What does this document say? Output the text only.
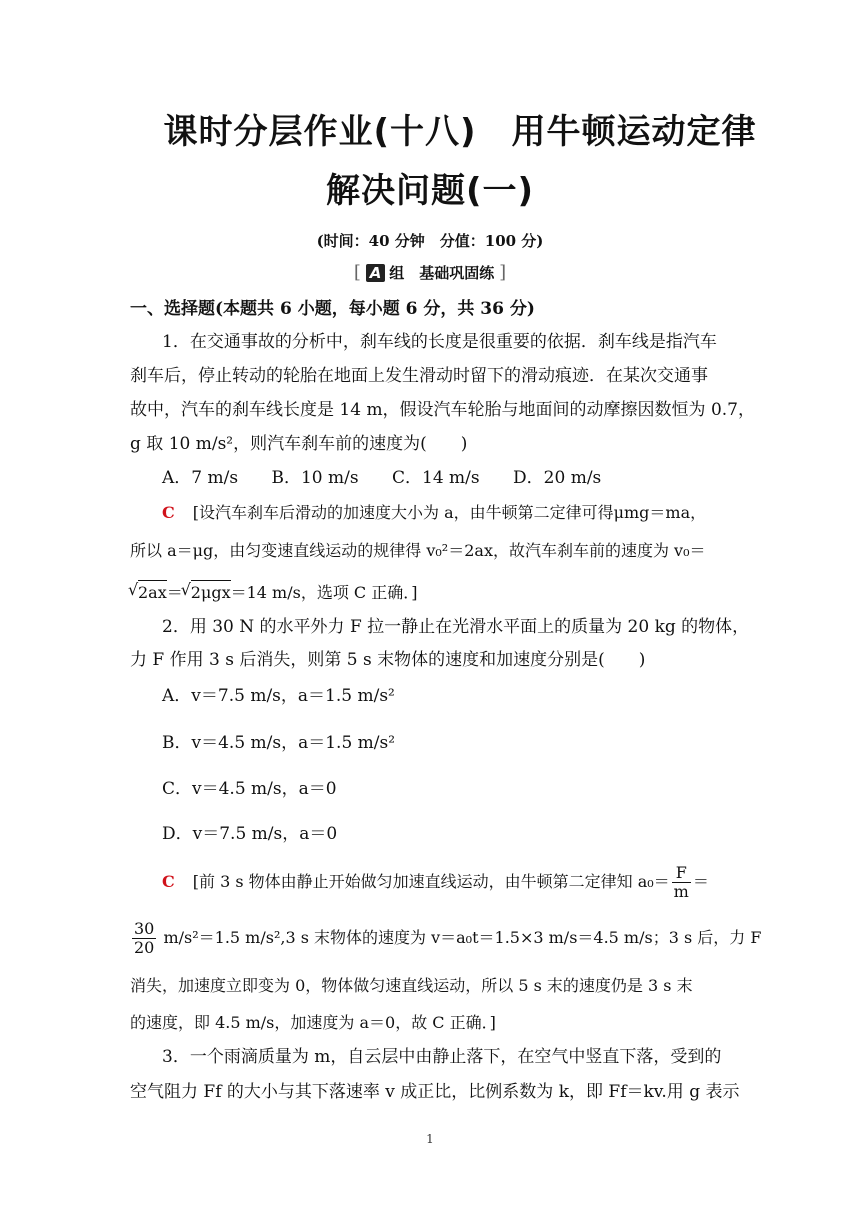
课时分层作业(十八)　用牛顿运动定律
解决问题(一)
(时间：40 分钟　分值：100 分)
[ A 组　基础巩固练 ]
一、选择题(本题共 6 小题，每小题 6 分，共 36 分)
1．在交通事故的分析中，刹车线的长度是很重要的依据．刹车线是指汽车
刹车后，停止转动的轮胎在地面上发生滑动时留下的滑动痕迹．在某次交通事
故中，汽车的刹车线长度是 14 m，假设汽车轮胎与地面间的动摩擦因数恒为 0.7，
g 取 10 m/s²，则汽车刹车前的速度为(　　)
A．7 m/s B．10 m/s C．14 m/s D．20 m/s
C [设汽车刹车后滑动的加速度大小为 a，由牛顿第二定律可得μmg＝ma，
所以 a＝μg，由匀变速直线运动的规律得 v₀²＝2ax，故汽车刹车前的速度为 v₀＝
√ 2ax＝√ 2μgx＝14 m/s，选项 C 正确．]
2．用 30 N 的水平外力 F 拉一静止在光滑水平面上的质量为 20 kg 的物体，
力 F 作用 3 s 后消失，则第 5 s 末物体的速度和加速度分别是(　　)
A．v＝7.5 m/s，a＝1.5 m/s²
B．v＝4.5 m/s，a＝1.5 m/s²
C．v＝4.5 m/s，a＝0
D．v＝7.5 m/s，a＝0
C [前 3 s 物体由静止开始做匀加速直线运动，由牛顿第二定律知 $a_0= \frac{F}{m}$ ＝
$\frac{30}{20} m/s^2=1.5$ m/s²,3 s 末物体的速度为 v＝a₀t＝1.5×3 m/s＝4.5 m/s；3 s 后，力 F
消失，加速度立即变为 0，物体做匀速直线运动，所以 5 s 末的速度仍是 3 s 末
的速度，即 4.5 m/s，加速度为 a＝0，故 C 正确．]
3．一个雨滴质量为 m，自云层中由静止落下，在空气中竖直下落，受到的
空气阻力 Ff 的大小与其下落速率 v 成正比，比例系数为 k，即 Ff＝kv.用 g 表示
1
